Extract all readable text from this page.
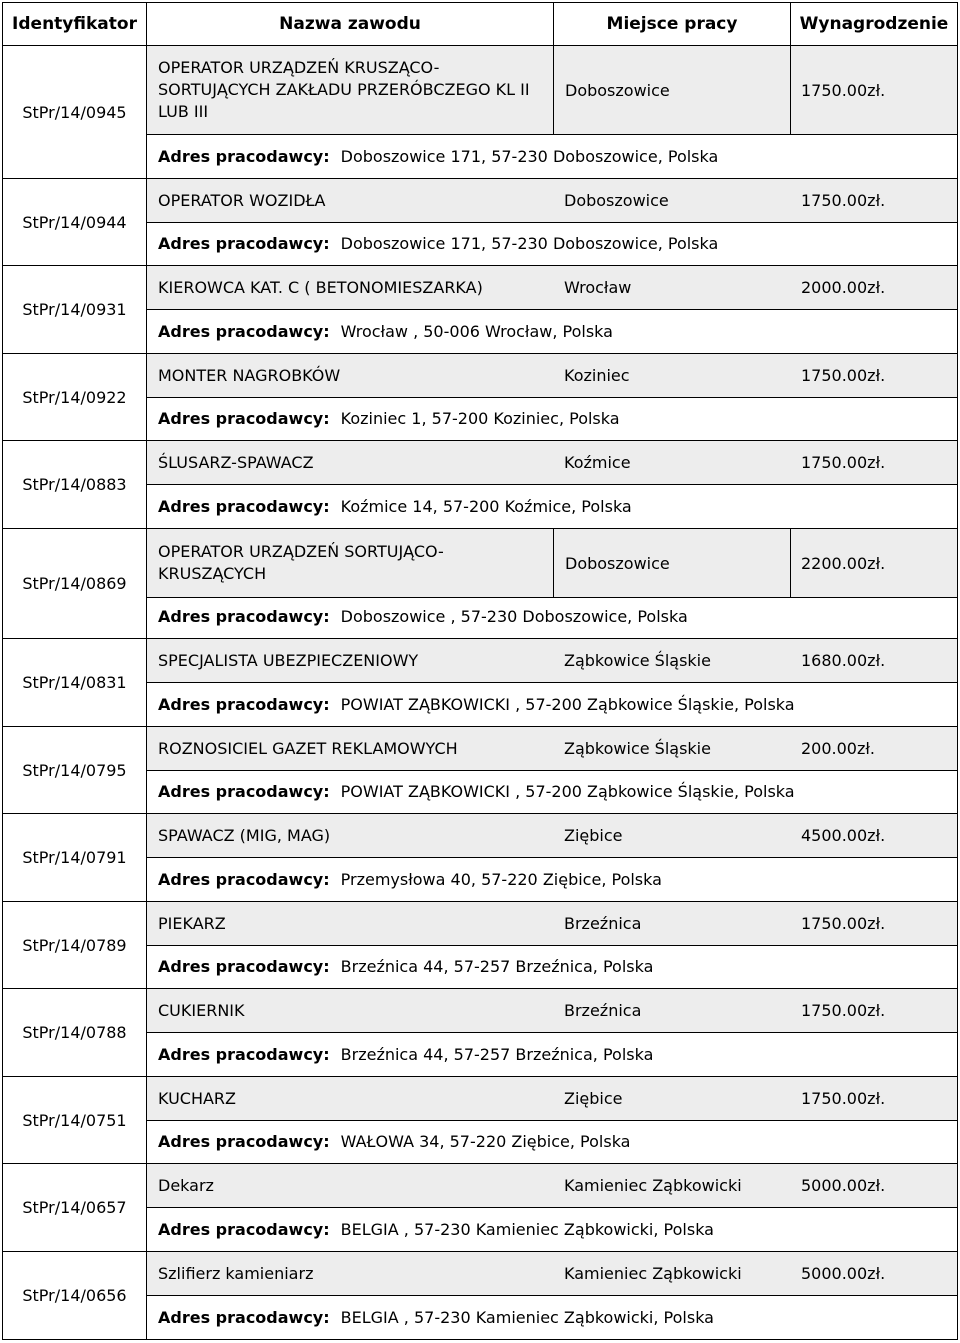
Identyfikator	Nazwa zawodu	Miejsce pracy	Wynagrodzenie
StPr/14/0945
OPERATOR URZĄDZEŃ KRUSZĄCO-SORTUJĄCYCH ZAKŁADU PRZERÓBCZEGO KL II LUB III
Doboszowice	1750.00zł.
Adres pracodawcy: Doboszowice 171, 57-230 Doboszowice, Polska
StPr/14/0944
OPERATOR WOZIDŁA	Doboszowice	1750.00zł.
Adres pracodawcy: Doboszowice 171, 57-230 Doboszowice, Polska
StPr/14/0931
KIEROWCA KAT. C ( BETONOMIESZARKA)	Wrocław	2000.00zł.
Adres pracodawcy: Wrocław , 50-006 Wrocław, Polska
StPr/14/0922
MONTER NAGROBKÓW	Koziniec	1750.00zł.
Adres pracodawcy: Koziniec 1, 57-200 Koziniec, Polska
StPr/14/0883
ŚLUSARZ-SPAWACZ	Koźmice	1750.00zł.
Adres pracodawcy: Koźmice 14, 57-200 Koźmice, Polska
StPr/14/0869
OPERATOR URZĄDZEŃ SORTUJĄCO-KRUSZĄCYCH
Doboszowice	2200.00zł.
Adres pracodawcy: Doboszowice , 57-230 Doboszowice, Polska
StPr/14/0831
SPECJALISTA UBEZPIECZENIOWY	Ząbkowice Śląskie	1680.00zł.
Adres pracodawcy: POWIAT ZĄBKOWICKI , 57-200 Ząbkowice Śląskie, Polska
StPr/14/0795
ROZNOSICIEL GAZET REKLAMOWYCH	Ząbkowice Śląskie	200.00zł.
Adres pracodawcy: POWIAT ZĄBKOWICKI , 57-200 Ząbkowice Śląskie, Polska
StPr/14/0791
SPAWACZ (MIG, MAG)	Ziębice	4500.00zł.
Adres pracodawcy: Przemysłowa 40, 57-220 Ziębice, Polska
StPr/14/0789
PIEKARZ	Brzeźnica	1750.00zł.
Adres pracodawcy: Brzeźnica 44, 57-257 Brzeźnica, Polska
StPr/14/0788
CUKIERNIK	Brzeźnica	1750.00zł.
Adres pracodawcy: Brzeźnica 44, 57-257 Brzeźnica, Polska
StPr/14/0751
KUCHARZ	Ziębice	1750.00zł.
Adres pracodawcy: WAŁOWA 34, 57-220 Ziębice, Polska
StPr/14/0657
Dekarz	Kamieniec Ząbkowicki	5000.00zł.
Adres pracodawcy: BELGIA , 57-230 Kamieniec Ząbkowicki, Polska
StPr/14/0656
Szlifierz kamieniarz	Kamieniec Ząbkowicki	5000.00zł.
Adres pracodawcy: BELGIA , 57-230 Kamieniec Ząbkowicki, Polska
